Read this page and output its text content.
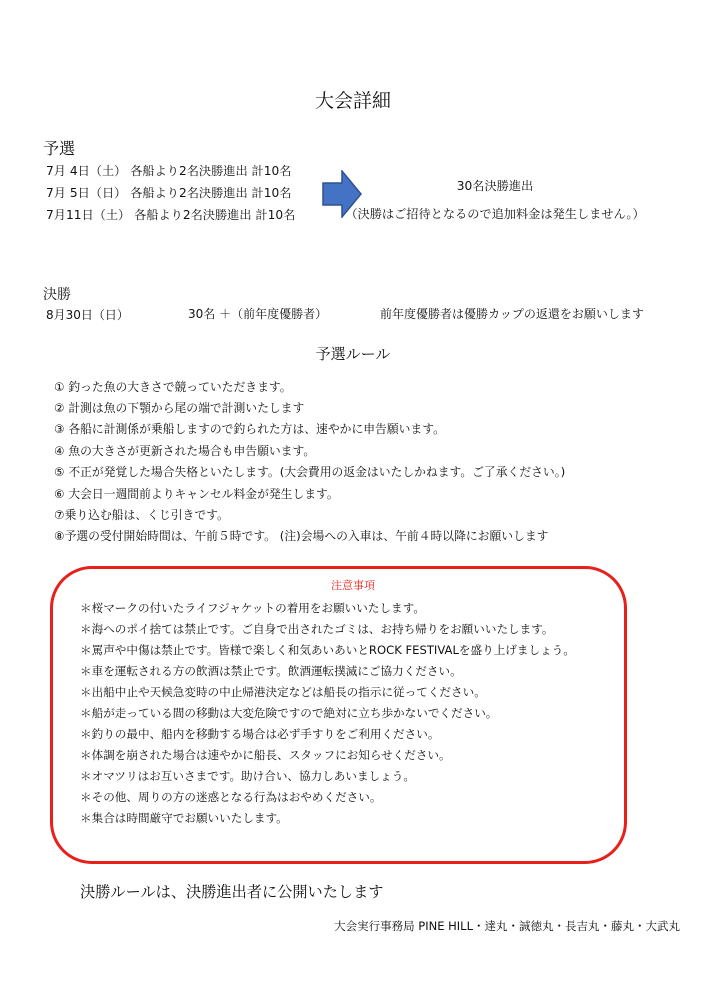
大会詳細
予選
7月 4日（土） 各船より2名決勝進出 計10名
7月 5日（日） 各船より2名決勝進出 計10名
7月11日（土） 各船より2名決勝進出 計10名
30名決勝進出
（決勝はご招待となるので追加料金は発生しません。）
決勝
8月30日（日）	30名 ＋（前年度優勝者）	前年度優勝者は優勝カップの返還をお願いします
予選ルール
① 釣った魚の大きさで競っていただきます。
② 計測は魚の下顎から尾の端で計測いたします
③ 各船に計測係が乗船しますので釣られた方は、速やかに申告願います。
④ 魚の大きさが更新された場合も申告願います。
⑤ 不正が発覚した場合失格といたします。(大会費用の返金はいたしかねます。ご了承ください。)
⑥ 大会日一週間前よりキャンセル料金が発生します。
⑦乗り込む船は、くじ引きです。
⑧予選の受付開始時間は、午前５時です。 (注)会場への入車は、午前４時以降にお願いします
注意事項
＊桜マークの付いたライフジャケットの着用をお願いいたします。
＊海へのポイ捨ては禁止です。ご自身で出されたゴミは、お持ち帰りをお願いいたします。
＊罵声や中傷は禁止です。皆様で楽しく和気あいあいとROCK FESTIVALを盛り上げましょう。
＊車を運転される方の飲酒は禁止です。飲酒運転撲滅にご協力ください。
＊出船中止や天候急変時の中止帰港決定などは船長の指示に従ってください。
＊船が走っている間の移動は大変危険ですので絶対に立ち歩かないでください。
＊釣りの最中、船内を移動する場合は必ず手すりをご利用ください。
＊体調を崩された場合は速やかに船長、スタッフにお知らせください。
＊オマツリはお互いさまです。助け合い、協力しあいましょう。
＊その他、周りの方の迷惑となる行為はおやめください。
＊集合は時間厳守でお願いいたします。
決勝ルールは、決勝進出者に公開いたします
大会実行事務局 PINE HILL・達丸・誠徳丸・長吉丸・藤丸・大武丸
